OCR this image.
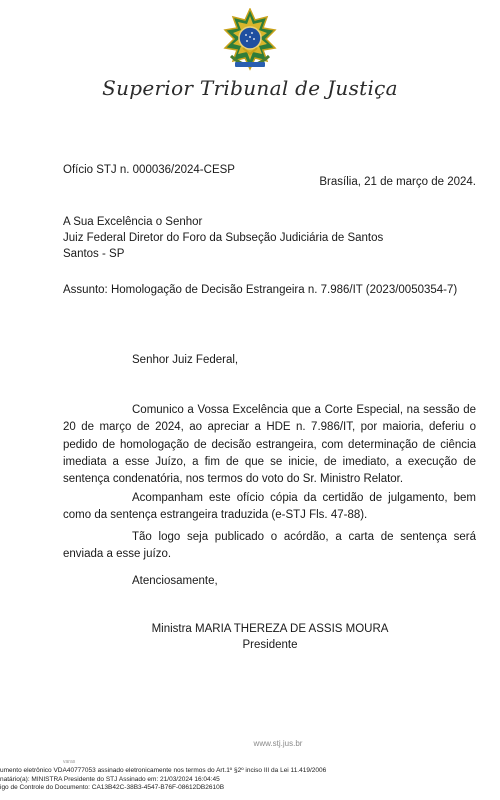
Superior Tribunal de Justiça
Ofício STJ n. 000036/2024-CESP
Brasília, 21 de março de 2024.
A Sua Excelência o Senhor
Juiz Federal Diretor do Foro da Subseção Judiciária de Santos
Santos - SP
Assunto: Homologação de Decisão Estrangeira n. 7.986/IT (2023/0050354-7)
Senhor Juiz Federal,
Comunico a Vossa Excelência que a Corte Especial, na sessão de 20 de março de 2024, ao apreciar a HDE n. 7.986/IT, por maioria, deferiu o pedido de homologação de decisão estrangeira, com determinação de ciência imediata a esse Juízo, a fim de que se inicie, de imediato, a execução de sentença condenatória, nos termos do voto do Sr. Ministro Relator.
Acompanham este ofício cópia da certidão de julgamento, bem como da sentença estrangeira traduzida (e-STJ Fls. 47-88).
Tão logo seja publicado o acórdão, a carta de sentença será enviada a esse juízo.
Atenciosamente,
Ministra MARIA THEREZA DE ASSIS MOURA
Presidente
www.stj.jus.br
varas
umento eletrônico VDA40777053 assinado eletronicamente nos termos do Art.1º §2º inciso III da Lei 11.419/2006
natário(a): MINISTRA Presidente do STJ Assinado em: 21/03/2024 16:04:45
igo de Controle do Documento: CA13B42C-38B3-4547-B76F-08612DB2610B
